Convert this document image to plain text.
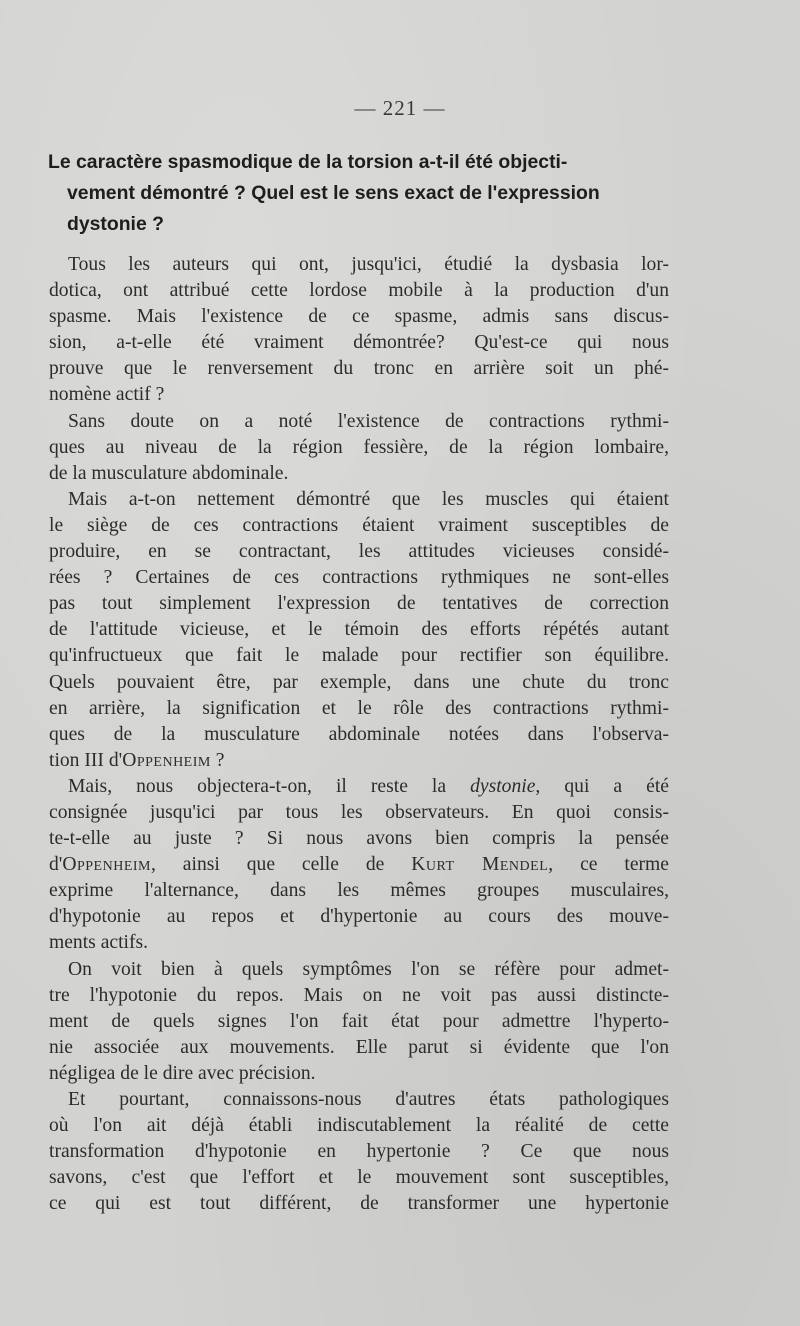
— 221 —
Le caractère spasmodique de la torsion a-t-il été objecti-
vement démontré ? Quel est le sens exact de l'expression
dystonie ?

Tous les auteurs qui ont, jusqu'ici, étudié la dysbasia lor-
dotica, ont attribué cette lordose mobile à la production d'un
spasme. Mais l'existence de ce spasme, admis sans discus-
sion, a-t-elle été vraiment démontrée? Qu'est-ce qui nous
prouve que le renversement du tronc en arrière soit un phé-
nomène actif ?

Sans doute on a noté l'existence de contractions rythmi-
ques au niveau de la région fessière, de la région lombaire,
de la musculature abdominale.

Mais a-t-on nettement démontré que les muscles qui étaient
le siège de ces contractions étaient vraiment susceptibles de
produire, en se contractant, les attitudes vicieuses considé-
rées ? Certaines de ces contractions rythmiques ne sont-elles
pas tout simplement l'expression de tentatives de correction
de l'attitude vicieuse, et le témoin des efforts répétés autant
qu'infructueux que fait le malade pour rectifier son équilibre.
Quels pouvaient être, par exemple, dans une chute du tronc
en arrière, la signification et le rôle des contractions rythmi-
ques de la musculature abdominale notées dans l'observa-
tion III d'Oppenheim ?

Mais, nous objectera-t-on, il reste la dystonie, qui a été
consignée jusqu'ici par tous les observateurs. En quoi consis-
te-t-elle au juste ? Si nous avons bien compris la pensée
d'Oppenheim, ainsi que celle de Kurt Mendel, ce terme
exprime l'alternance, dans les mêmes groupes musculaires,
d'hypotonie au repos et d'hypertonie au cours des mouve-
ments actifs.

On voit bien à quels symptômes l'on se réfère pour admet-
tre l'hypotonie du repos. Mais on ne voit pas aussi distincte-
ment de quels signes l'on fait état pour admettre l'hyperto-
nie associée aux mouvements. Elle parut si évidente que l'on
négligea de le dire avec précision.

Et pourtant, connaissons-nous d'autres états pathologiques
où l'on ait déjà établi indiscutablement la réalité de cette
transformation d'hypotonie en hypertonie ? Ce que nous
savons, c'est que l'effort et le mouvement sont susceptibles,
ce qui est tout différent, de transformer une hypertonie
